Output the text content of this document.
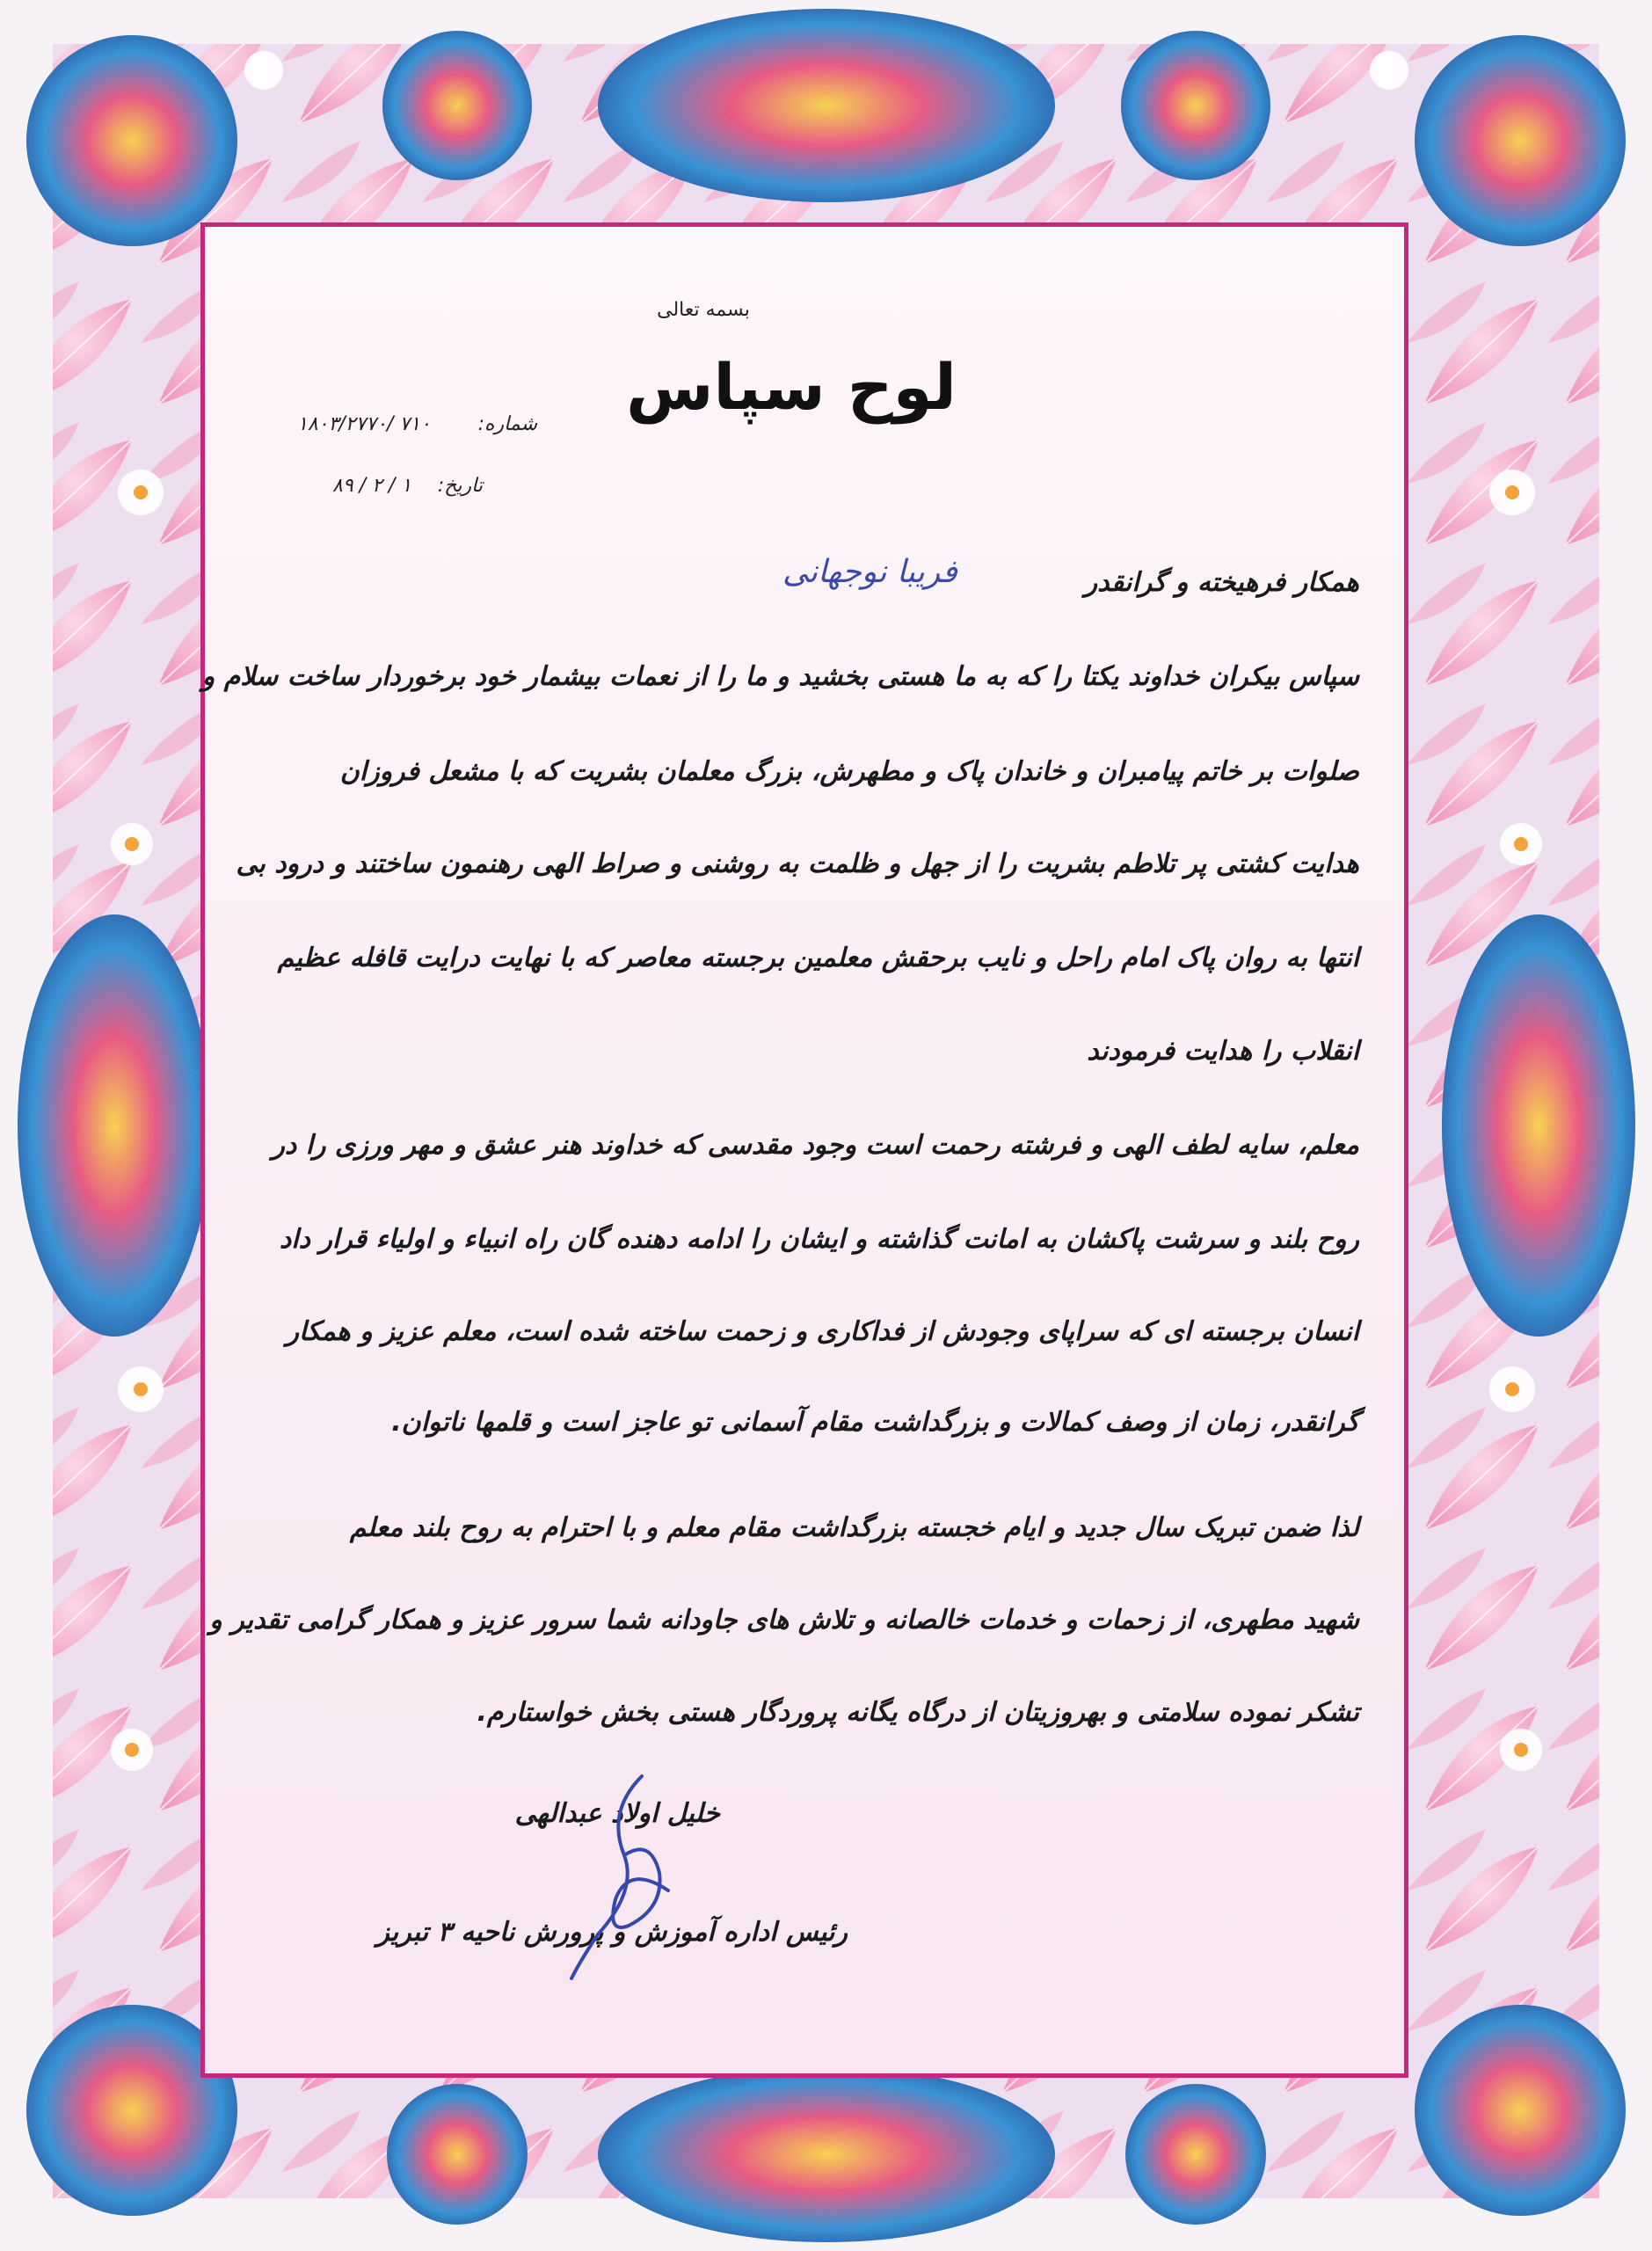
بسمه تعالی
لوح سپاس
شماره:
۱۸۰۳/۲۷۷۰/ ۷۱۰
تاریخ:
۸۹ / ۲ / ۱
همکار فرهیخته و گرانقدر
فریبا نوجهانی
سپاس بیکران خداوند یکتا را که به ما هستی بخشید و ما را از نعمات بیشمار خود برخوردار ساخت سلام و
صلوات بر خاتم پیامبران و خاندان پاک و مطهرش، بزرگ معلمان بشریت که با مشعل فروزان
هدایت کشتی پر تلاطم بشریت را از جهل و ظلمت به روشنی و صراط الهی رهنمون ساختند و درود بی
انتها به روان پاک امام راحل و نایب برحقش معلمین برجسته معاصر که با نهایت درایت قافله عظیم
انقلاب را هدایت فرمودند
معلم، سایه لطف الهی و فرشته رحمت است وجود مقدسی که خداوند هنر عشق و مهر ورزی را در
روح بلند و سرشت پاکشان به امانت گذاشته و ایشان را ادامه دهنده گان راه انبیاء و اولیاء قرار داد
انسان برجسته ای که سراپای وجودش از فداکاری و زحمت ساخته شده است، معلم عزیز و همکار
گرانقدر، زمان از وصف کمالات و بزرگداشت مقام آسمانی تو عاجز است و قلمها ناتوان.
لذا ضمن تبریک سال جدید و ایام خجسته بزرگداشت مقام معلم و با احترام به روح بلند معلم
شهید مطهری، از زحمات و خدمات خالصانه و تلاش های جاودانه شما سرور عزیز و همکار گرامی تقدیر و
تشکر نموده سلامتی و بهروزیتان از درگاه یگانه پروردگار هستی بخش خواستارم.
خلیل اولاد عبدالهی
رئیس اداره آموزش و پرورش ناحیه ۳ تبریز
